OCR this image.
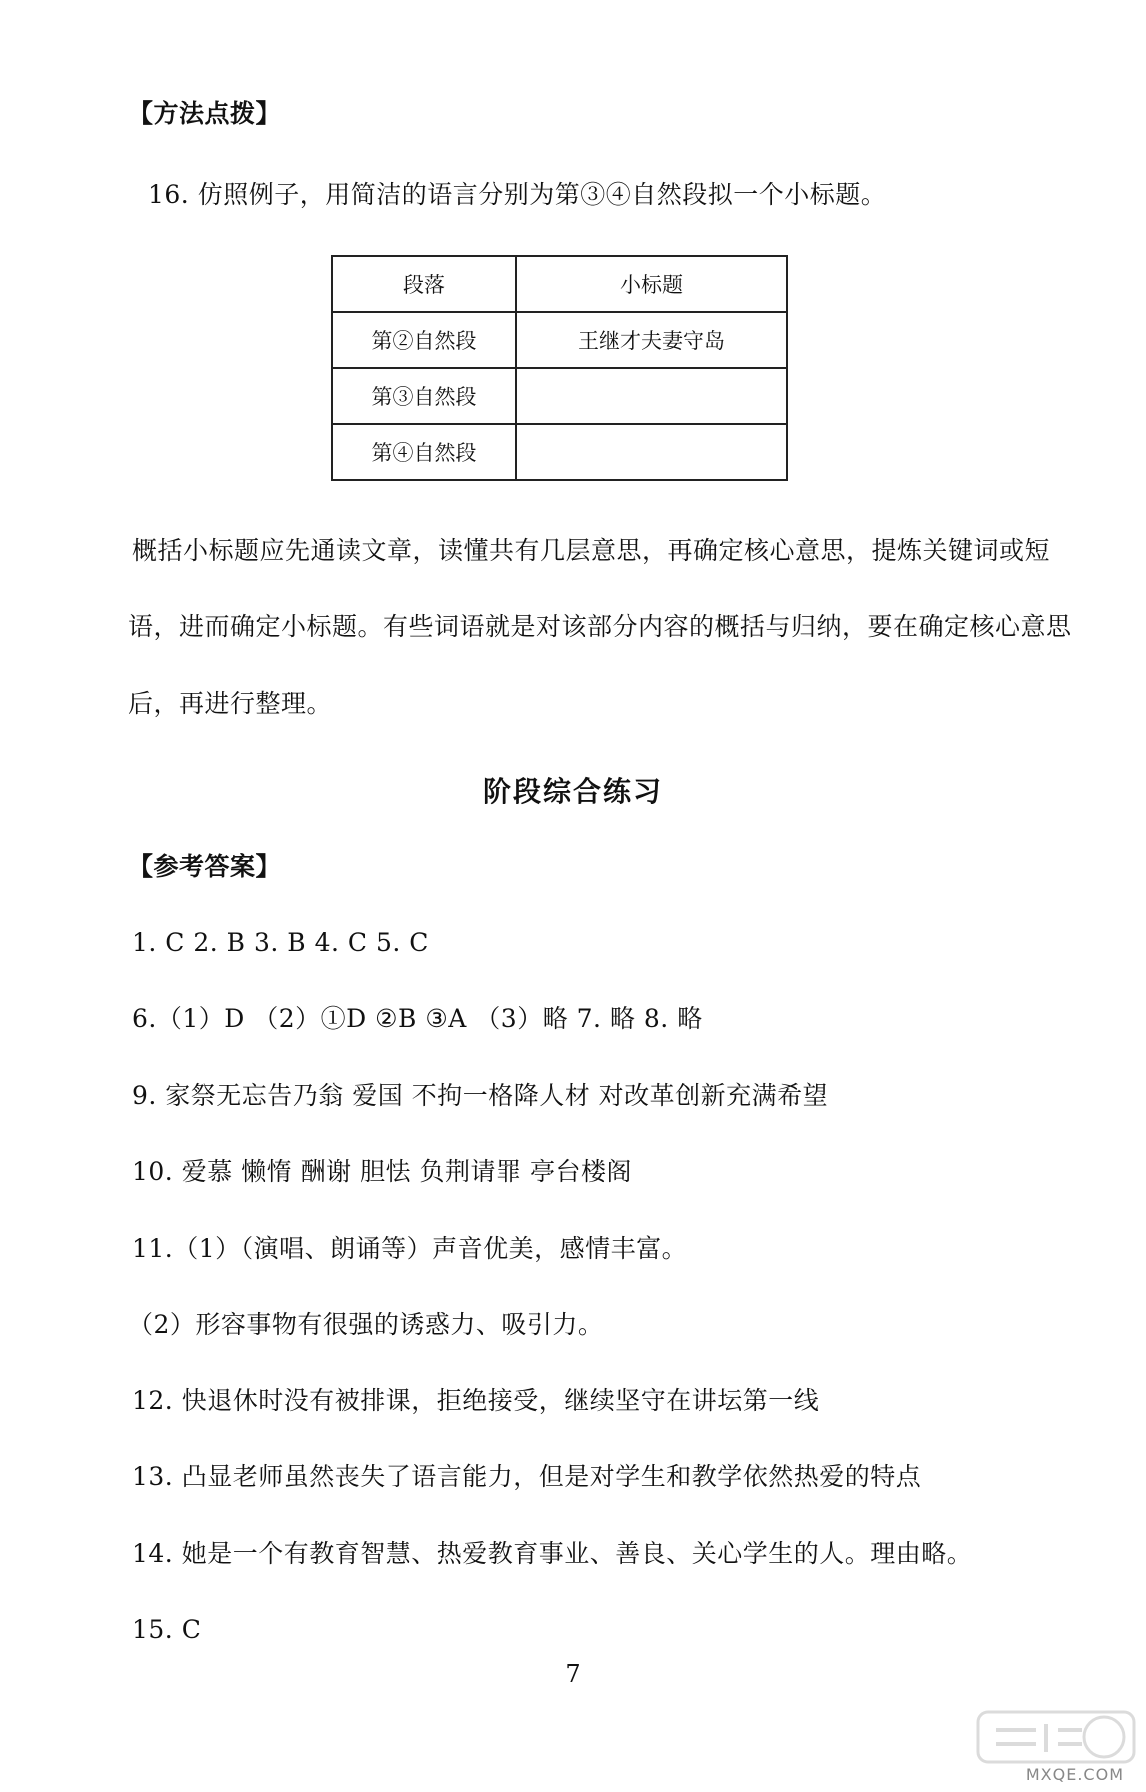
【方法点拨】
16. 仿照例子，用简洁的语言分别为第③④自然段拟一个小标题。
段落	小标题
第②自然段	王继才夫妻守岛
第③自然段	
第④自然段	
概括小标题应先通读文章，读懂共有几层意思，再确定核心意思，提炼关键词或短
语，进而确定小标题。有些词语就是对该部分内容的概括与归纳，要在确定核心意思
后，再进行整理。
阶段综合练习
【参考答案】
1. C 2. B 3. B 4. C 5. C
6.（1）D （2）①D ②B ③A （3）略 7. 略 8. 略
9. 家祭无忘告乃翁 爱国 不拘一格降人材 对改革创新充满希望
10. 爱慕 懒惰 酬谢 胆怯 负荆请罪 亭台楼阁
11.（1）（演唱、朗诵等）声音优美，感情丰富。
（2）形容事物有很强的诱惑力、吸引力。
12. 快退休时没有被排课，拒绝接受，继续坚守在讲坛第一线
13. 凸显老师虽然丧失了语言能力，但是对学生和教学依然热爱的特点
14. 她是一个有教育智慧、热爱教育事业、善良、关心学生的人。理由略。
15. C
7
MXQE.COM
